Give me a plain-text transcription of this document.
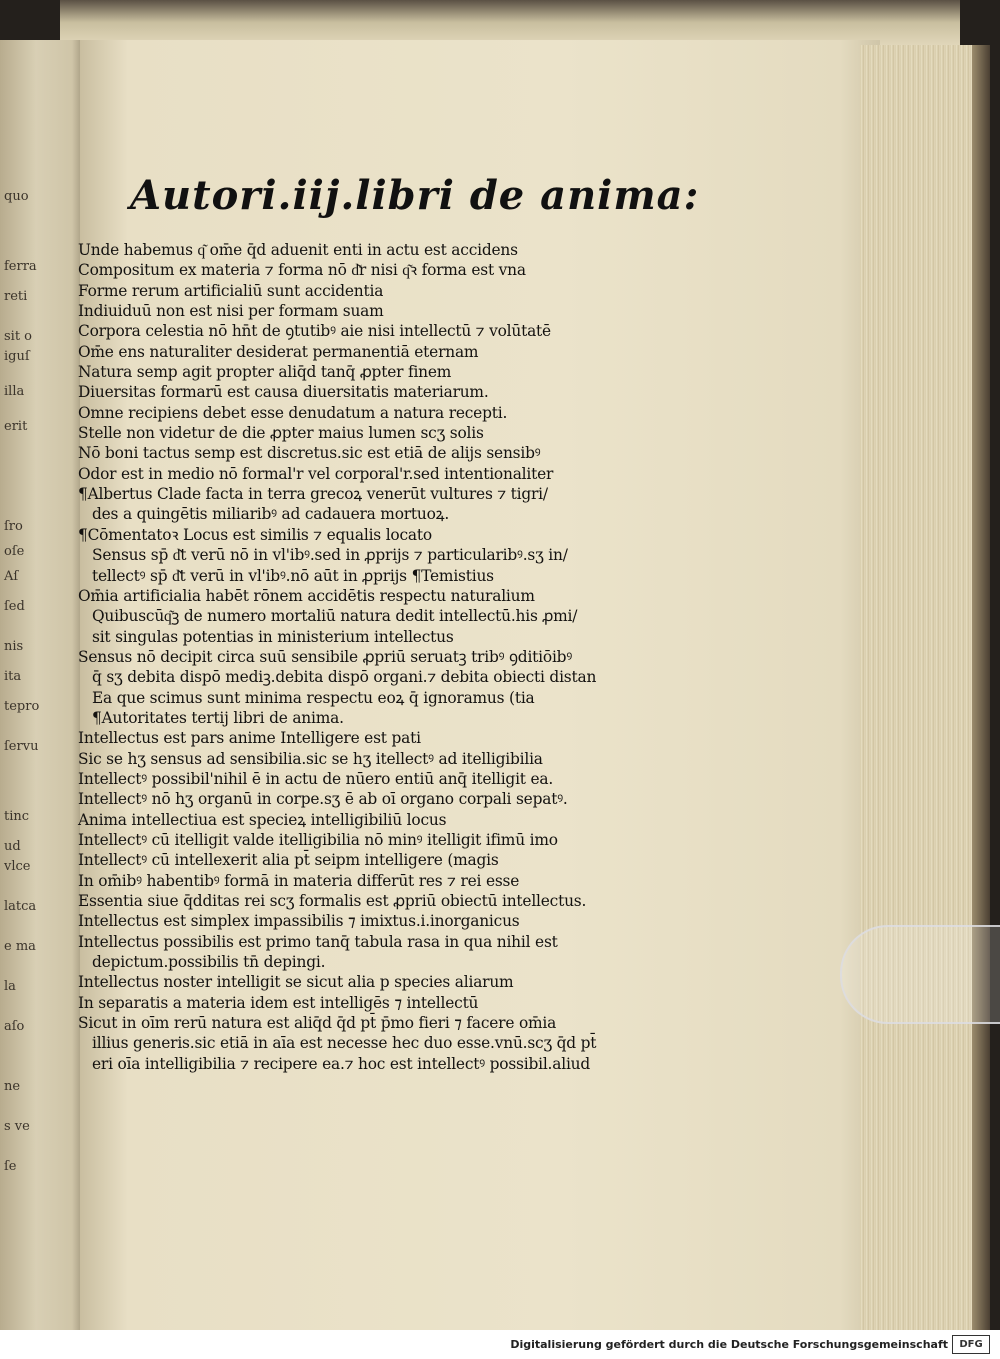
quo
ferra
reti
sit o
iguſ
illa
erit
ſro
oſe
Aſ
ſed
nis
ita
tepro
ſervu
tinc
ud
vlce
latca
e ma
la
aſo
ne
s ve
ſe
Autori.iij.libri de anima:
Unde habemus q͂ om̄e q̄d aduenit enti in actu est accidens
Compositum ex materia ⁊ forma nō d͂r nisi q͂ꝛ forma est vna
Forme rerum artificialiū sunt accidentia
Indiuiduū non est nisi per formam suam
Corpora celestia nō hn̄t de ꝯtutibꝰ aie nisi intellectū ⁊ volūtatē
Om̄e ens naturaliter desiderat permanentiā eternam
Natura semp agit propter aliq̄d tanq̄ ꝓpter finem
Diuersitas formarū est causa diuersitatis materiarum.
Omne recipiens debet esse denudatum a natura recepti.
Stelle non videtur de die ꝓpter maius lumen scʒ solis
Nō boni tactus semp est discretus.sic est etiā de alijs sensibꝰ
Odor est in medio nō formal'r vel corporal'r.sed intentionaliter
¶Albertus Clade facta in terra grecoꝝ venerūt vultures ⁊ tigri/
des a quingētis miliaribꝰ ad cadauera mortuoꝝ.
¶Cōmentatoꝛ Locus est similis ⁊ equalis locato
Sensus sp̄ d͂t verū nō in vl'ibꝰ.sed in ꝓprijs ⁊ particularibꝰ.sʒ in/
tellectꝰ sp̄ d͂t verū in vl'ibꝰ.nō aūt in ꝓprijs ¶Temistius
Om̄ia artificialia habēt rōnem accidētis respectu naturalium
Quibuscūq͂ꝫ de numero mortaliū natura dedit intellectū.his ꝓmi/
sit singulas potentias in ministerium intellectus
Sensus nō decipit circa suū sensibile ꝓpriū seruatꝫ tribꝰ ꝯditiōibꝰ
q̄ sʒ debita dispō mediꝫ.debita dispō organi.⁊ debita obiecti distan
Ea que scimus sunt minima respectu eoꝝ q̄ ignoramus (tia
¶Autoritates tertij libri de anima.
Intellectus est pars anime Intelligere est pati
Sic se hʒ sensus ad sensibilia.sic se hʒ itellectꝰ ad itelligibilia
Intellectꝰ possibil'nihil ē in actu de nūero entiū anq̄ itelligit ea.
Intellectꝰ nō hʒ organū in corpe.sʒ ē ab oī organo corpali sepatꝰ.
Anima intellectiua est specieꝝ intelligibiliū locus
Intellectꝰ cū itelligit valde itelligibilia nō minꝰ itelligit ifimū imo
Intellectꝰ cū intellexerit alia pt̄ seipm intelligere (magis
In om̄ibꝰ habentibꝰ formā in materia differūt res ⁊ rei esse
Essentia siue q̄dditas rei scʒ formalis est ꝓpriū obiectū intellectus.
Intellectus est simplex impassibilis ⁊ imixtus.i.inorganicus
Intellectus possibilis est primo tanq̄ tabula rasa in qua nihil est
depictum.possibilis tn̄ depingi.
Intellectus noster intelligit se sicut alia p species aliarum
In separatis a materia idem est intelligēs ⁊ intellectū
Sicut in oīm rerū natura est aliq̄d q̄d pt̄ p̄mo fieri ⁊ facere om̄ia
illius generis.sic etiā in aīa est necesse hec duo esse.vnū.scʒ q̄d pt̄
eri oīa intelligibilia ⁊ recipere ea.⁊ hoc est intellectꝰ possibil.aliud
Digitalisierung gefördert durch die Deutsche Forschungsgemeinschaft	DFG
